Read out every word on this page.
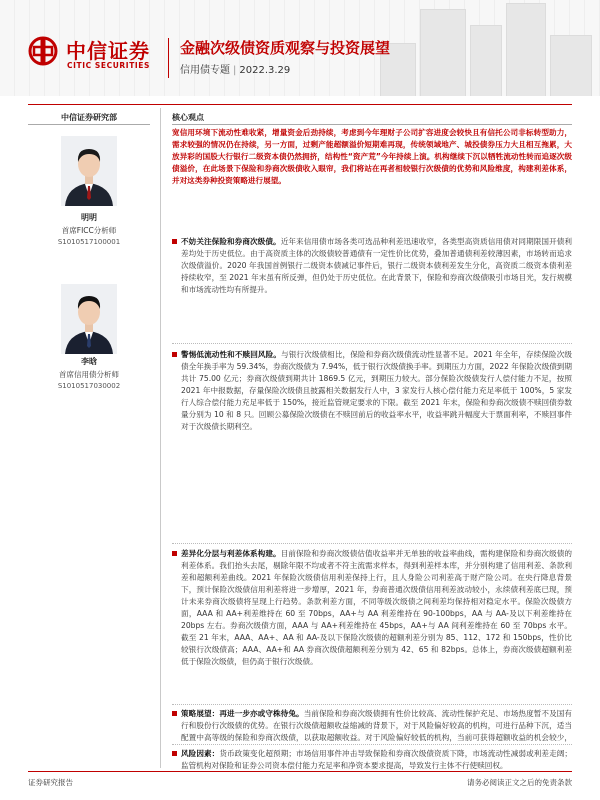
中信证券
CITIC SECURITIES
金融次级债资质观察与投资展望
信用债专题 | 2022.3.29
中信证券研究部
明明
首席FICC分析师
S1010517100001
李晗
首席信用债分析师
S1010517030002
核心观点
宽信用环境下流动性难收紧，增量资金后劲持续，考虑到今年理财子公司扩容进度会较快且有信托公司非标转型助力，需求较强的情况仍在持续，另一方面，过剩产能超额溢价短期难再现，传统领域地产、城投债券压力大且相互拖累，大放异彩的国股大行银行二级资本债仍然拥挤，结构性“资产荒”今年持续上演。机构继续下沉以牺牲流动性转而追逐次级债溢价，在此场景下保险和券商次级债收入眼帘，我们将站在再者相较银行次级债的优势和风险维度，构建利差体系，并对这类券种投资策略进行展望。

不妨关注保险和券商次级债。近年来信用债市场各类可选品种利差迅速收窄，各类型高资质信用债对同期限国开债利差均处于历史低位。由于高资质主体的次级债较普通债有一定性价比优势，叠加普通债利差较薄因素，市场转而追求次级债溢价。2020 年我国首例银行二级资本债减记事件后，银行二级资本债利差发生分化，高资质二级资本债利差持续收窄，至 2021 年末虽有所反弹，但仍处于历史低位。在此背景下，保险和券商次级债吸引市场目光，发行规模和市场流动性均有所提升。

警惕低流动性和不赎回风险。与银行次级债相比，保险和券商次级债流动性显著不足。2021 年全年，存续保险次级债全年换手率为 59.34%，券商次级债为 7.94%，低于银行次级债换手率。到期压力方面，2022 年保险次级债到期共计 75.00 亿元；券商次级债到期共计 1869.5 亿元，到期压力较大。部分保险次级债发行人偿付能力不足，按照 2021 年中报数据，存量保险次级债且披露相关数据发行人中，3 家发行人核心偿付能力充足率低于 100%，5 家发行人综合偿付能力充足率低于 150%，接近监管规定要求的下限。截至 2021 年末，保险和券商次级债不赎回债券数量分别为 10 和 8 只。回顾公募保险次级债在不赎回前后的收益率水平，收益率跳升幅度大于票面利率，不赎回事件对于次级债长期利空。

差异化分层与利差体系构建。目前保险和券商次级债估值收益率并无单独的收益率曲线，需构建保险和券商次级债的利差体系。我们抬头去尾，剔除年限不均或者不符主流需求样本，得到利差样本库，并分别构建了信用利差、条款利差和超额利差曲线。2021 年保险次级债信用利差保持上行，且人身险公司利差高于财产险公司。在央行降息背景下，预计保险次级债信用利差将进一步增厚，2021 年，券商普通次级债信用利差波动较小，永续债利差底已现，预计未来券商次级债将呈现上行趋势。条款利差方面，不同等级次级债之间利差均保持相对稳定水平。保险次级债方面，AAA 和 AA+利差维持在 60 至 70bps，AA+与 AA 利差维持在 90-100bps，AA 与 AA-及以下利差维持在 20bps 左右。券商次级债方面，AAA 与 AA+利差维持在 45bps，AA+与 AA 间利差维持在 60 至 70bps 水平。截至 21 年末，AAA、AA+、AA 和 AA-及以下保险次级债的超额利差分别为 85、112、172 和 150bps，性价比较银行次级债高；AAA、AA+和 AA 券商次级债超额利差分别为 42、65 和 82bps。总体上，券商次级债超额利差低于保险次级债，但仍高于银行次级债。

策略展望：再进一步亦或守株待兔。当前保险和券商次级债拥有性价比较高、流动性保护充足、市场热度暂不及国有行和股份行次级债的优势。在银行次级债超额收益缩减的背景下，对于风险偏好较高的机构，可进行品种下沉，适当配置中高等级的保险和券商次级债，以获取超额收益。对于风险偏好较低的机构，当前可获得超额收益的机会较少，

风险因素：货币政策变化超预期；市场信用事件冲击导致保险和券商次级债资质下降，市场流动性减弱或利差走阔；监管机构对保险和证券公司资本偿付能力充足率和净资本要求提高，导致发行主体不行使赎回权。

证券研究报告	请务必阅读正文之后的免责条款
